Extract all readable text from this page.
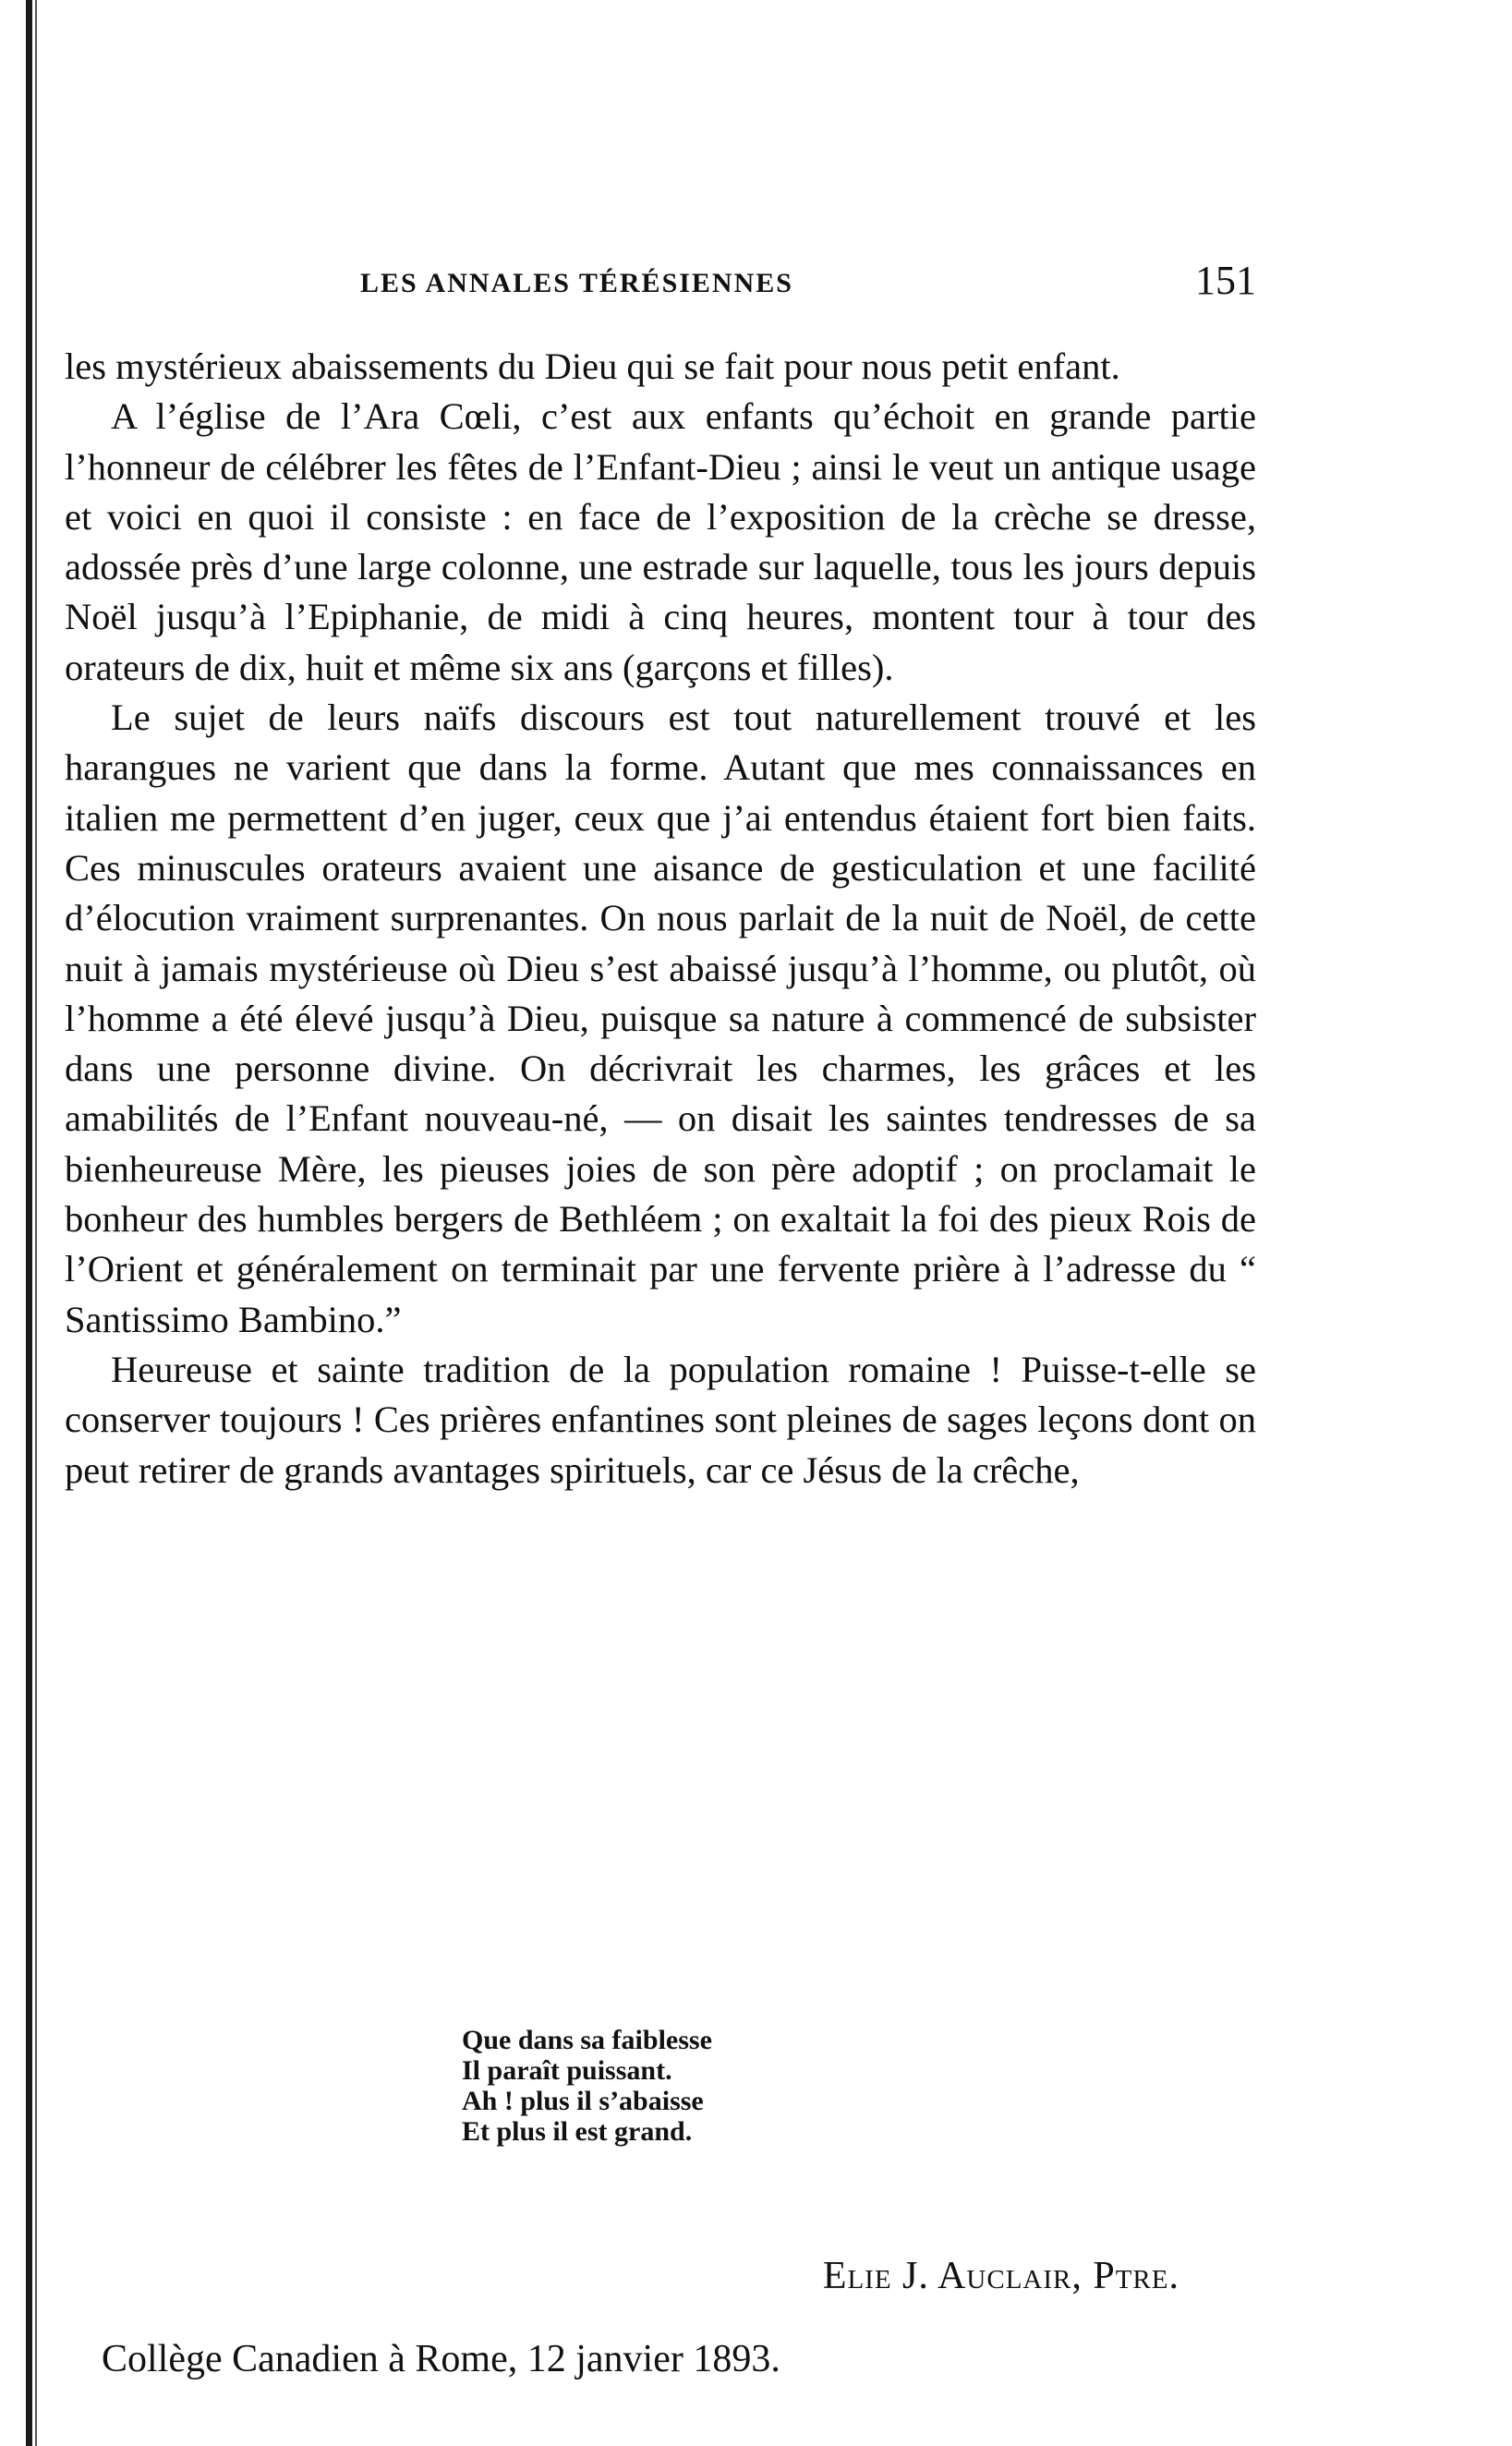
LES ANNALES TÉRÉSIENNES	151

les mystérieux abaissements du Dieu qui se fait pour nous petit enfant.

A l’église de l’Ara Cœli, c’est aux enfants qu’échoit en grande partie l’honneur de célébrer les fêtes de l’Enfant-Dieu ; ainsi le veut un antique usage et voici en quoi il consiste : en face de l’exposition de la crèche se dresse, adossée près d’une large colonne, une estrade sur laquelle, tous les jours depuis Noël jusqu’à l’Epiphanie, de midi à cinq heures, montent tour à tour des orateurs de dix, huit et même six ans (garçons et filles).

Le sujet de leurs naïfs discours est tout naturellement trouvé et les harangues ne varient que dans la forme. Autant que mes connaissances en italien me permettent d’en juger, ceux que j’ai entendus étaient fort bien faits. Ces minuscules orateurs avaient une aisance de gesticulation et une facilité d’élocution vraiment surprenantes. On nous parlait de la nuit de Noël, de cette nuit à jamais mystérieuse où Dieu s’est abaissé jusqu’à l’homme, ou plutôt, où l’homme a été élevé jusqu’à Dieu, puisque sa nature à commencé de subsister dans une personne divine. On décrivrait les charmes, les grâces et les amabilités de l’Enfant nouveau-né, — on disait les saintes tendresses de sa bienheureuse Mère, les pieuses joies de son père adoptif ; on proclamait le bonheur des humbles bergers de Bethléem ; on exaltait la foi des pieux Rois de l’Orient et généralement on terminait par une fervente prière à l’adresse du “ Santissimo Bambino.”

Heureuse et sainte tradition de la population romaine ! Puisse-t-elle se conserver toujours ! Ces prières enfantines sont pleines de sages leçons dont on peut retirer de grands avantages spirituels, car ce Jésus de la crêche,

Que dans sa faiblesse
Il paraît puissant.
Ah ! plus il s’abaisse
Et plus il est grand.
Elie J. Auclair, Ptre.
Collège Canadien à Rome, 12 janvier 1893.
